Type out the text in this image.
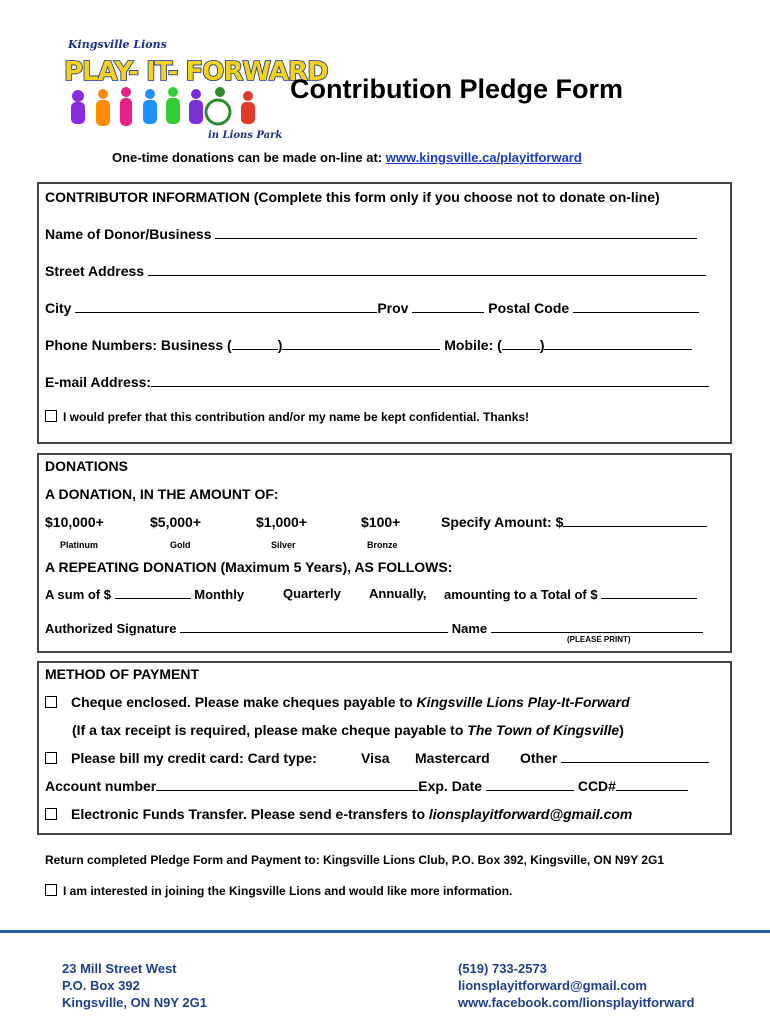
Kingsville Lions
PLAY- IT- FORWARD
in Lions Park
Contribution Pledge Form
One-time donations can be made on-line at: www.kingsville.ca/playitforward
CONTRIBUTOR INFORMATION (Complete this form only if you choose not to donate on-line)
Name of Donor/Business
Street Address
City	Prov	Postal Code
Phone Numbers: Business (	)	Mobile: (	)
E-mail Address:
I would prefer that this contribution and/or my name be kept confidential. Thanks!
DONATIONS
A DONATION, IN THE AMOUNT OF:
$10,000+
Platinum
$5,000+
Gold
$1,000+
Silver
$100+
Bronze
Specify Amount: $
A REPEATING DONATION (Maximum 5 Years), AS FOLLOWS:
A sum of $	Monthly	Quarterly Annually, amounting to a Total of $
Authorized Signature	Name
(PLEASE PRINT)
METHOD OF PAYMENT
Cheque enclosed. Please make cheques payable to Kingsville Lions Play-It-Forward
(If a tax receipt is required, please make cheque payable to The Town of Kingsville)
Please bill my credit card: Card type:	Visa Mastercard Other
Account number	Exp. Date	CCD#
Electronic Funds Transfer. Please send e-transfers to lionsplayitforward@gmail.com
Return completed Pledge Form and Payment to: Kingsville Lions Club, P.O. Box 392, Kingsville, ON N9Y 2G1
I am interested in joining the Kingsville Lions and would like more information.
23 Mill Street West
P.O. Box 392
Kingsville, ON N9Y 2G1
(519) 733-2573
lionsplayitforward@gmail.com
www.facebook.com/lionsplayitforward
